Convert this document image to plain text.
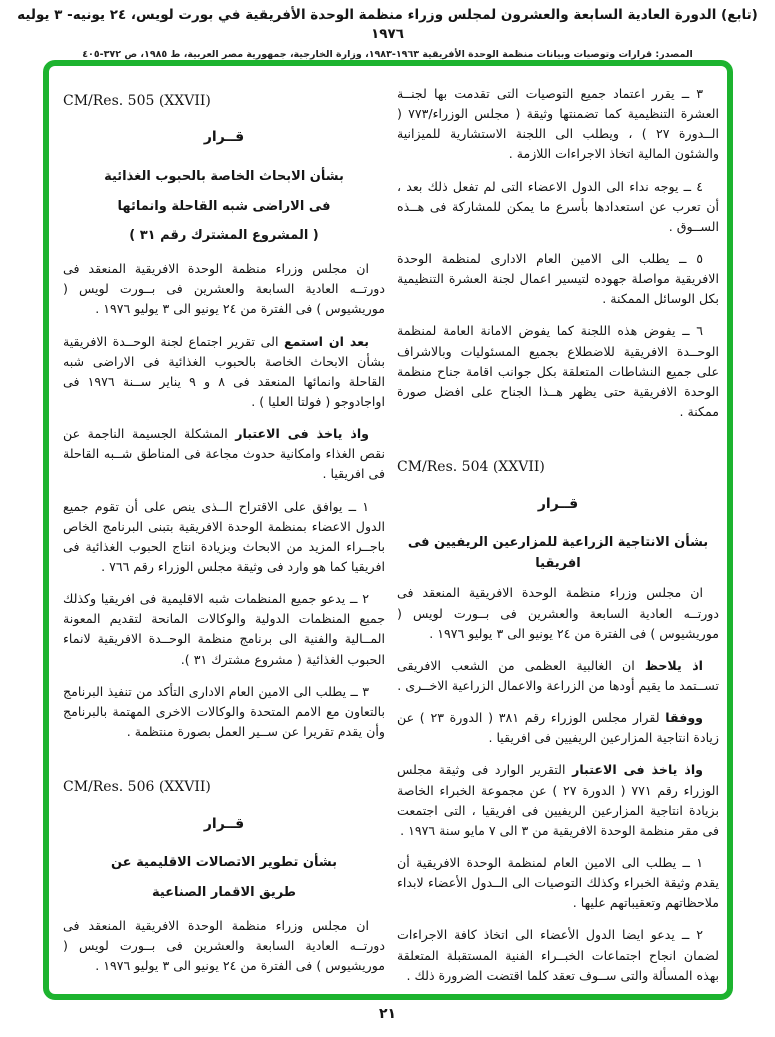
(تابع) الدورة العادية السابعة والعشرون لمجلس وزراء منظمة الوحدة الأفريقية في بورت لويس، ٢٤ يونيه- ٣ يوليه ١٩٧٦
المصدر: قرارات وتوصيات وبيانات منظمة الوحدة الأفريقية ١٩٦٣-١٩٨٣، وزارة الخارجية، جمهورية مصر العربية، ط ١٩٨٥، ص ٣٧٢-٤٠٥

٣ ــ يقرر اعتماد جميع التوصيات التى تقدمت بها لجنــة العشرة التنظيمية كما تضمنتها وثيقة ( مجلس الوزراء/٧٧٣ ( الــدورة ٢٧ ) ، ويطلب الى اللجنة الاستشارية للميزانية والشئون المالية اتخاذ الاجراءات اللازمة .

٤ ــ يوجه نداء الى الدول الاعضاء التى لم تفعل ذلك بعد ، أن تعرب عن استعدادها بأسرع ما يمكن للمشاركة فى هــذه الســوق .

٥ ــ يطلب الى الامين العام الادارى لمنظمة الوحدة الافريقية مواصلة جهوده لتيسير اعمال لجنة العشرة التنظيمية بكل الوسائل الممكنة .

٦ ــ يفوض هذه اللجنة كما يفوض الامانة العامة لمنظمة الوحــدة الافريقية للاضطلاع بجميع المسئوليات وبالاشراف على جميع النشاطات المتعلقة بكل جوانب اقامة جناح منظمة الوحدة الافريقية حتى يظهر هــذا الجناح على افضل صورة ممكنة .

CM/Res. 504 (XXVII)

قــرار

بشأن الانتاجية الزراعية للمزارعين الريفيين فى افريقيا

ان مجلس وزراء منظمة الوحدة الافريقية المنعقد فى دورتــه العادية السابعة والعشرين فى بــورت لويس ( موريشيوس ) فى الفترة من ٢٤ يونيو الى ٣ يوليو ١٩٧٦ .

اذ يلاحظ ان الغالبية العظمى من الشعب الافريقى تســتمد ما يقيم أودها من الزراعة والاعمال الزراعية الاخــرى .

ووفقا لقرار مجلس الوزراء رقم ٣٨١ ( الدورة ٢٣ ) عن زيادة انتاجية المزارعين الريفيين فى افريقيا .

واذ ياخذ فى الاعتبار التقرير الوارد فى وثيقة مجلس الوزراء رقم ٧٧١ ( الدورة ٢٧ ) عن مجموعة الخبراء الخاصة بزيادة انتاجية المزارعين الريفيين فى افريقيا ، التى اجتمعت فى مقر منظمة الوحدة الافريقية من ٣ الى ٧ مايو سنة ١٩٧٦ .

١ ــ يطلب الى الامين العام لمنظمة الوحدة الافريقية أن يقدم وثيقة الخبراء وكذلك التوصيات الى الــدول الأعضاء لابداء ملاحظاتهم وتعقيباتهم عليها .

٢ ــ يدعو ايضا الدول الأعضاء الى اتخاذ كافة الاجراءات لضمان انجاح اجتماعات الخبــراء الفنية المستقبلة المتعلقة بهذه المسألة والتى ســوف تعقد كلما اقتضت الضرورة ذلك .

CM/Res. 505 (XXVII)

قــرار

بشأن الابحاث الخاصة بالحبوب الغذائية

فى الاراضى شبه القاحلة وانمائها

( المشروع المشترك رقم ٣١ )

ان مجلس وزراء منظمة الوحدة الافريقية المنعقد فى دورتــه العادية السابعة والعشرين فى بــورت لويس ( موريشيوس ) فى الفترة من ٢٤ يونيو الى ٣ يوليو ١٩٧٦ .

بعد ان استمع الى تقرير اجتماع لجنة الوحــدة الافريقية بشأن الابحاث الخاصة بالحبوب الغذائية فى الاراضى شبه القاحلة وانمائها المنعقد فى ٨ و ٩ يناير ســنة ١٩٧٦ فى اواجادوجو ( فولتا العليا ) .

واذ ياخذ فى الاعتبار المشكلة الجسيمة الناجمة عن نقص الغذاء وامكانية حدوث مجاعة فى المناطق شــبه القاحلة فى افريقيا .

١ ــ يوافق على الاقتراح الــذى ينص على أن تقوم جميع الدول الاعضاء بمنظمة الوحدة الافريقية بتبنى البرنامج الخاص باجــراء المزيد من الابحاث وبزيادة انتاج الحبوب الغذائية فى افريقيا كما هو وارد فى وثيقة مجلس الوزراء رقم ٧٦٦ .

٢ ــ يدعو جميع المنظمات شبه الاقليمية فى افريقيا وكذلك جميع المنظمات الدولية والوكالات المانحة لتقديم المعونة المــالية والفنية الى برنامج منظمة الوحــدة الافريقية لانماء الحبوب الغذائية ( مشروع مشترك ٣١ ).

٣ ــ يطلب الى الامين العام الادارى التأكد من تنفيذ البرنامج بالتعاون مع الامم المتحدة والوكالات الاخرى المهتمة بالبرنامج وأن يقدم تقريرا عن ســير العمل بصورة منتظمة .

CM/Res. 506 (XXVII)

قــرار

بشأن تطوير الاتصالات الاقليمية عن

طريق الاقمار الصناعية

ان مجلس وزراء منظمة الوحدة الافريقية المنعقد فى دورتــه العادية السابعة والعشرين فى بــورت لويس ( موريشيوس ) فى الفترة من ٢٤ يونيو الى ٣ يوليو ١٩٧٦ .

٢١
